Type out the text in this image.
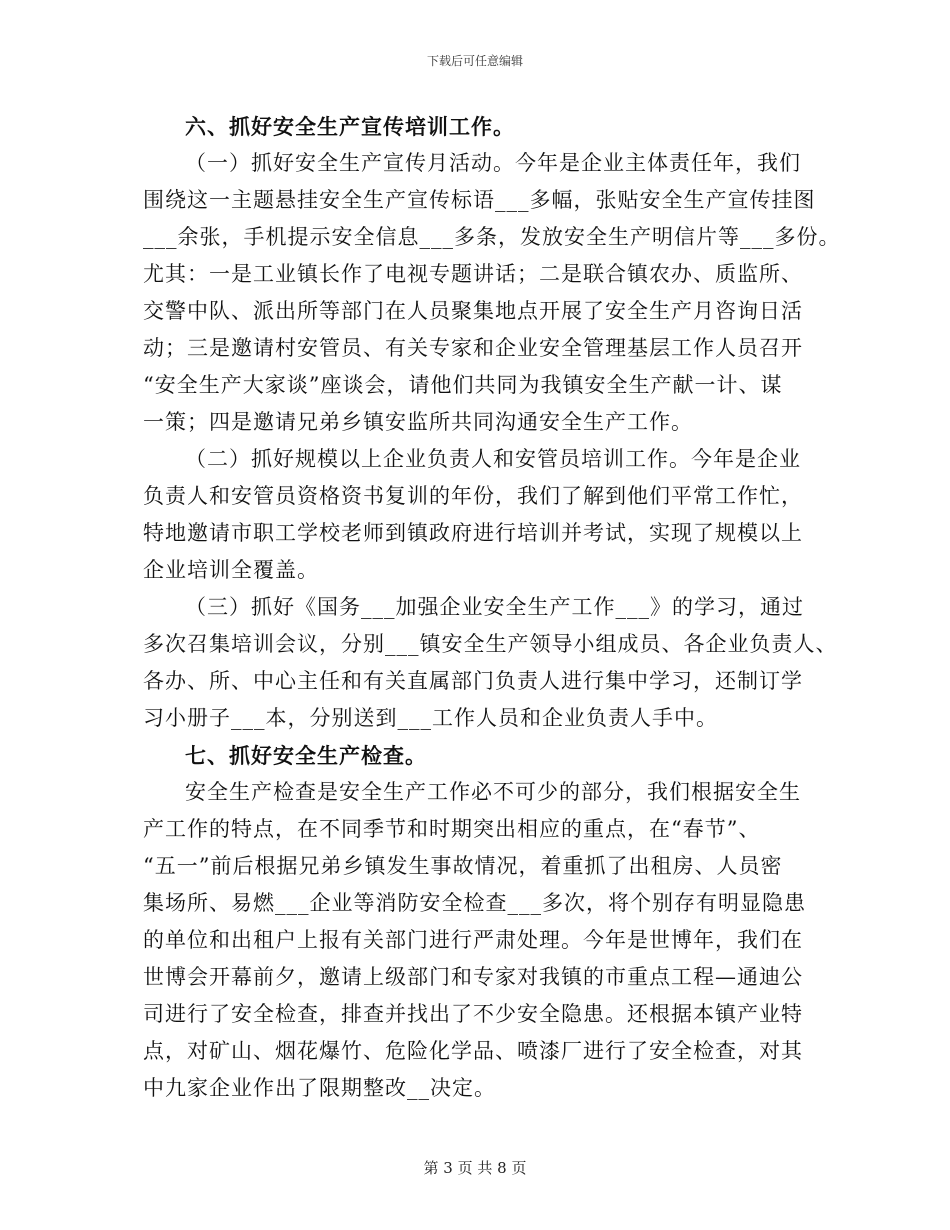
下载后可任意编辑
六、抓好安全生产宣传培训工作。
（一）抓好安全生产宣传月活动。今年是企业主体责任年，我们
围绕这一主题悬挂安全生产宣传标语___多幅，张贴安全生产宣传挂图
___余张，手机提示安全信息___多条，发放安全生产明信片等___多份。
尤其：一是工业镇长作了电视专题讲话；二是联合镇农办、质监所、
交警中队、派出所等部门在人员聚集地点开展了安全生产月咨询日活
动；三是邀请村安管员、有关专家和企业安全管理基层工作人员召开
“安全生产大家谈”座谈会，请他们共同为我镇安全生产献一计、谋
一策；四是邀请兄弟乡镇安监所共同沟通安全生产工作。
（二）抓好规模以上企业负责人和安管员培训工作。今年是企业
负责人和安管员资格资书复训的年份，我们了解到他们平常工作忙，
特地邀请市职工学校老师到镇政府进行培训并考试，实现了规模以上
企业培训全覆盖。
（三）抓好《国务___加强企业安全生产工作___》的学习，通过
多次召集培训会议，分别___镇安全生产领导小组成员、各企业负责人、
各办、所、中心主任和有关直属部门负责人进行集中学习，还制订学
习小册子___本，分别送到___工作人员和企业负责人手中。
七、抓好安全生产检查。
安全生产检查是安全生产工作必不可少的部分，我们根据安全生
产工作的特点，在不同季节和时期突出相应的重点，在“春节”、
“五一”前后根据兄弟乡镇发生事故情况，着重抓了出租房、人员密
集场所、易燃___企业等消防安全检查___多次，将个别存有明显隐患
的单位和出租户上报有关部门进行严肃处理。今年是世博年，我们在
世博会开幕前夕，邀请上级部门和专家对我镇的市重点工程—通迪公
司进行了安全检查，排查并找出了不少安全隐患。还根据本镇产业特
点，对矿山、烟花爆竹、危险化学品、喷漆厂进行了安全检查，对其
中九家企业作出了限期整改__决定。
第 3 页 共 8 页
